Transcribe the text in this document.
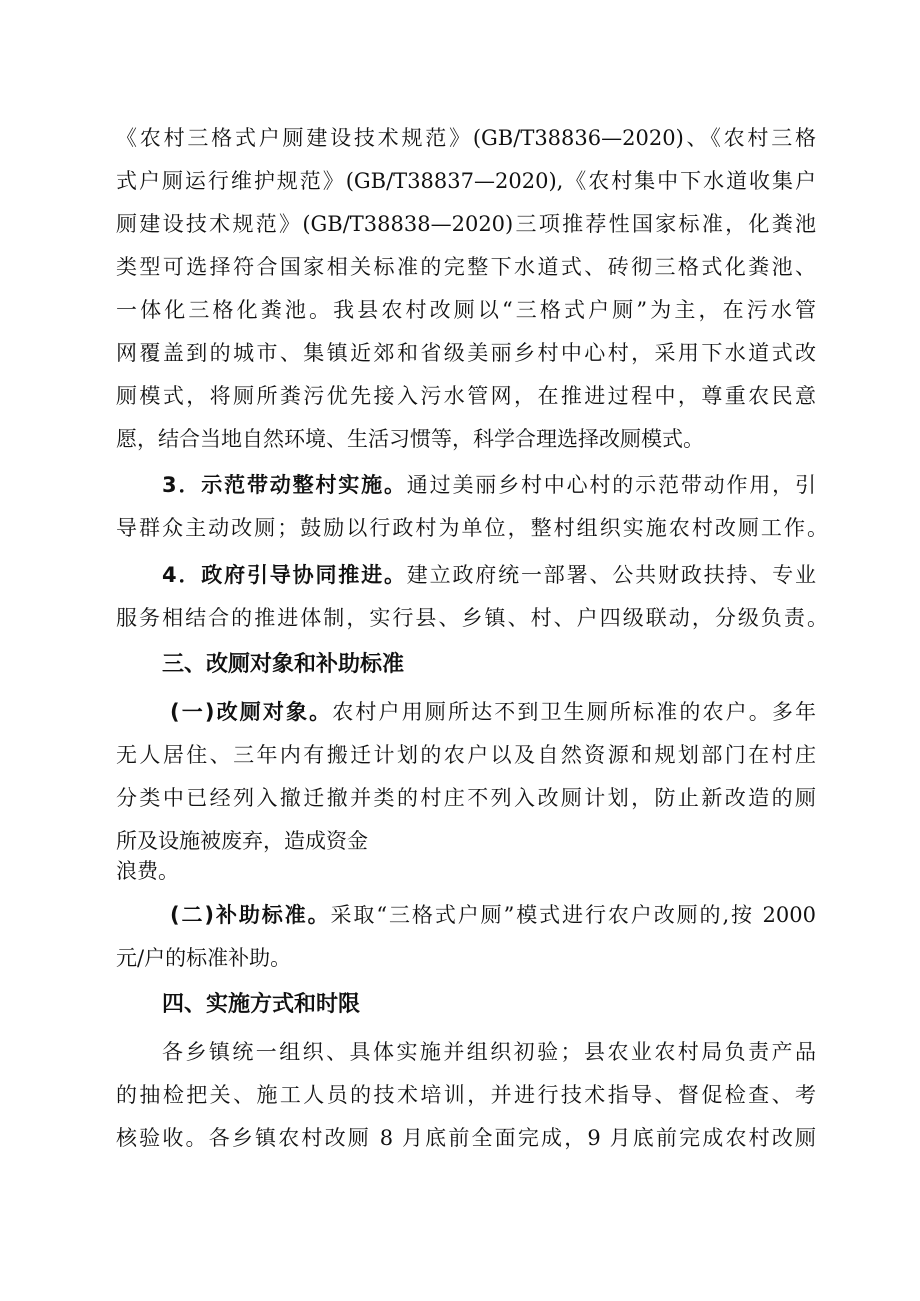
《农村三格式户厕建设技术规范》(GB/T38836—2020)、《农村三格
式户厕运行维护规范》(GB/T38837—2020),《农村集中下水道收集户
厕建设技术规范》(GB/T38838—2020)三项推荐性国家标准，化粪池
类型可选择符合国家相关标准的完整下水道式、砖彻三格式化粪池、
一体化三格化粪池。我县农村改厕以“三格式户厕”为主，在污水管
网覆盖到的城市、集镇近郊和省级美丽乡村中心村，采用下水道式改
厕模式，将厕所粪污优先接入污水管网，在推进过程中，尊重农民意
愿，结合当地自然环境、生活习惯等，科学合理选择改厕模式。
3．示范带动整村实施。通过美丽乡村中心村的示范带动作用，引
导群众主动改厕；鼓励以行政村为单位，整村组织实施农村改厕工作。
4．政府引导协同推进。建立政府统一部署、公共财政扶持、专业
服务相结合的推进体制，实行县、乡镇、村、户四级联动，分级负责。
三、改厕对象和补助标准
(一)改厕对象。农村户用厕所达不到卫生厕所标准的农户。多年
无人居住、三年内有搬迁计划的农户以及自然资源和规划部门在村庄
分类中已经列入撤迁撤并类的村庄不列入改厕计划，防止新改造的厕
所及设施被废弃，造成资金
浪费。
(二)补助标准。采取“三格式户厕”模式进行农户改厕的,按 2000
元/户的标准补助。
四、实施方式和时限
各乡镇统一组织、具体实施并组织初验；县农业农村局负责产品
的抽检把关、施工人员的技术培训，并进行技术指导、督促检查、考
核验收。各乡镇农村改厕 8 月底前全面完成，9 月底前完成农村改厕
